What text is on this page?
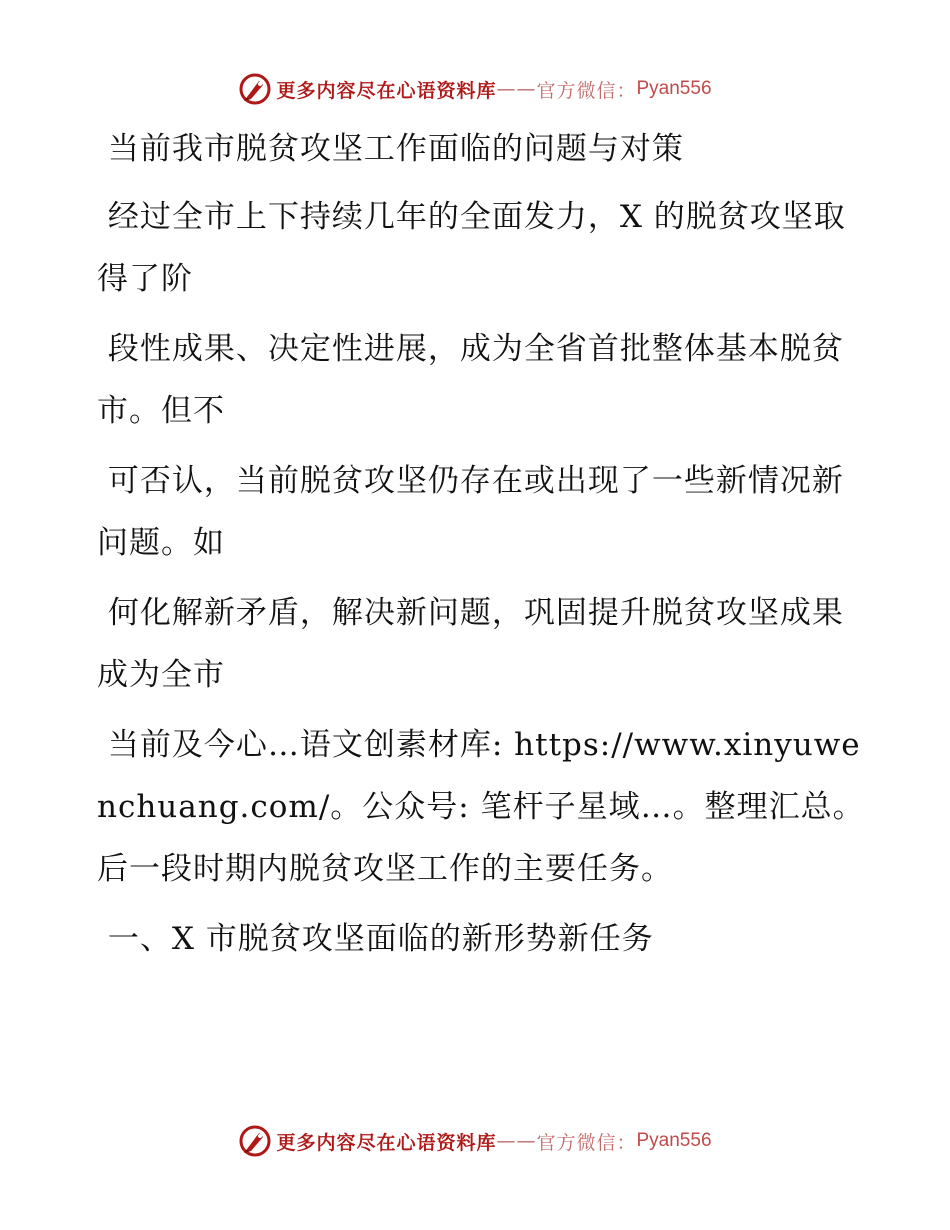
更多内容尽在心语资料库 —— 官方微信： Pyan556

当前我市脱贫攻坚工作面临的问题与对策

经过全市上下持续几年的全面发力，X 的脱贫攻坚取得了阶

段性成果、决定性进展，成为全省首批整体基本脱贫市。但不

可否认，当前脱贫攻坚仍存在或出现了一些新情况新问题。如

何化解新矛盾，解决新问题，巩固提升脱贫攻坚成果成为全市

当前及今心…语文创素材库: https://www.xinyuwenchuang.com/。公众号: 笔杆子星域…。整理汇总。后一段时期内脱贫攻坚工作的主要任务。

一、X 市脱贫攻坚面临的新形势新任务

更多内容尽在心语资料库 —— 官方微信： Pyan556
